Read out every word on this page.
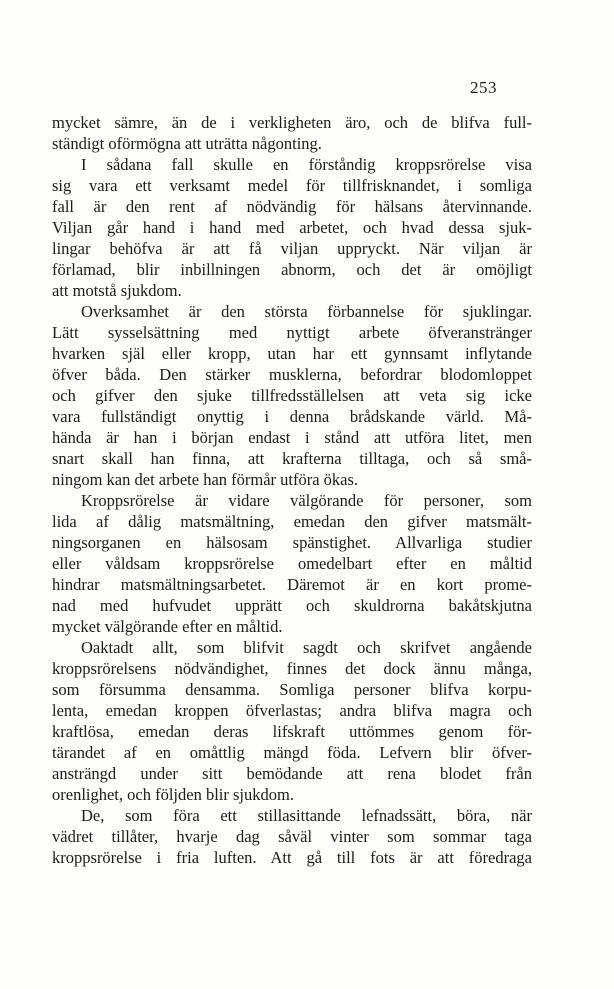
253
mycket sämre, än de i verkligheten äro, och de blifva full-
ständigt oförmögna att uträtta någonting.
I sådana fall skulle en förståndig kroppsrörelse visa
sig vara ett verksamt medel för tillfrisknandet, i somliga
fall är den rent af nödvändig för hälsans återvinnande.
Viljan går hand i hand med arbetet, och hvad dessa sjuk-
lingar behöfva är att få viljan uppryckt. När viljan är
förlamad, blir inbillningen abnorm, och det är omöjligt
att motstå sjukdom.
Overksamhet är den största förbannelse för sjuklingar.
Lätt sysselsättning med nyttigt arbete öfveranstränger
hvarken själ eller kropp, utan har ett gynnsamt inflytande
öfver båda. Den stärker musklerna, befordrar blodomloppet
och gifver den sjuke tillfredsställelsen att veta sig icke
vara fullständigt onyttig i denna brådskande värld. Må-
hända är han i början endast i stånd att utföra litet, men
snart skall han finna, att krafterna tilltaga, och så små-
ningom kan det arbete han förmår utföra ökas.
Kroppsrörelse är vidare välgörande för personer, som
lida af dålig matsmältning, emedan den gifver matsmält-
ningsorganen en hälsosam spänstighet. Allvarliga studier
eller våldsam kroppsrörelse omedelbart efter en måltid
hindrar matsmältningsarbetet. Däremot är en kort prome-
nad med hufvudet upprätt och skuldrorna bakåtskjutna
mycket välgörande efter en måltid.
Oaktadt allt, som blifvit sagdt och skrifvet angående
kroppsrörelsens nödvändighet, finnes det dock ännu många,
som försumma densamma. Somliga personer blifva korpu-
lenta, emedan kroppen öfverlastas; andra blifva magra och
kraftlösa, emedan deras lifskraft uttömmes genom för-
tärandet af en omåttlig mängd föda. Lefvern blir öfver-
ansträngd under sitt bemödande att rena blodet från
orenlighet, och följden blir sjukdom.
De, som föra ett stillasittande lefnadssätt, böra, när
vädret tillåter, hvarje dag såväl vinter som sommar taga
kroppsrörelse i fria luften. Att gå till fots är att föredraga
